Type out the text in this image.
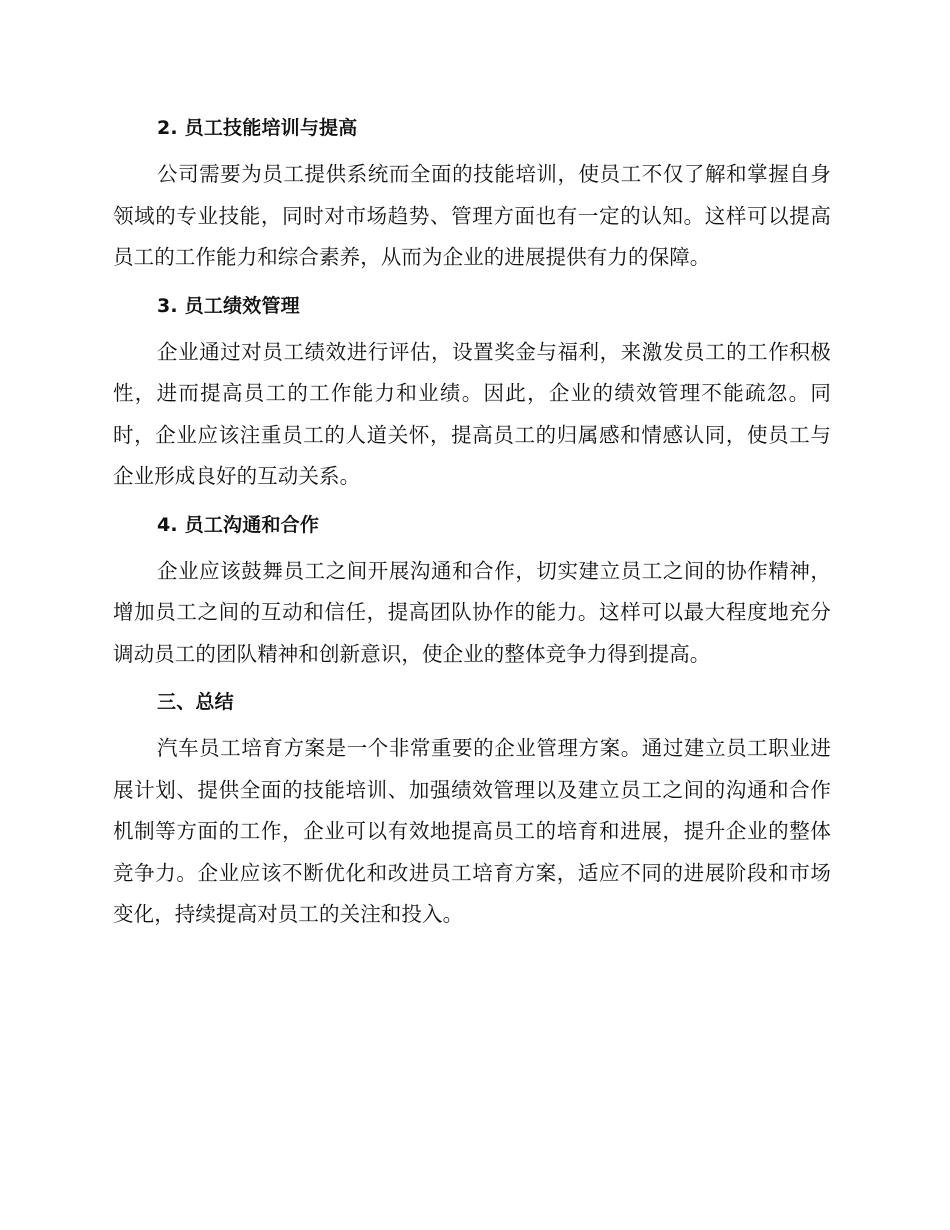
2. 员工技能培训与提高

公司需要为员工提供系统而全面的技能培训，使员工不仅了解和掌握自身领域的专业技能，同时对市场趋势、管理方面也有一定的认知。这样可以提高员工的工作能力和综合素养，从而为企业的进展提供有力的保障。

3. 员工绩效管理

企业通过对员工绩效进行评估，设置奖金与福利，来激发员工的工作积极性，进而提高员工的工作能力和业绩。因此，企业的绩效管理不能疏忽。同时，企业应该注重员工的人道关怀，提高员工的归属感和情感认同，使员工与企业形成良好的互动关系。

4. 员工沟通和合作

企业应该鼓舞员工之间开展沟通和合作，切实建立员工之间的协作精神，增加员工之间的互动和信任，提高团队协作的能力。这样可以最大程度地充分调动员工的团队精神和创新意识，使企业的整体竞争力得到提高。

三、总结

汽车员工培育方案是一个非常重要的企业管理方案。通过建立员工职业进展计划、提供全面的技能培训、加强绩效管理以及建立员工之间的沟通和合作机制等方面的工作，企业可以有效地提高员工的培育和进展，提升企业的整体竞争力。企业应该不断优化和改进员工培育方案，适应不同的进展阶段和市场变化，持续提高对员工的关注和投入。
